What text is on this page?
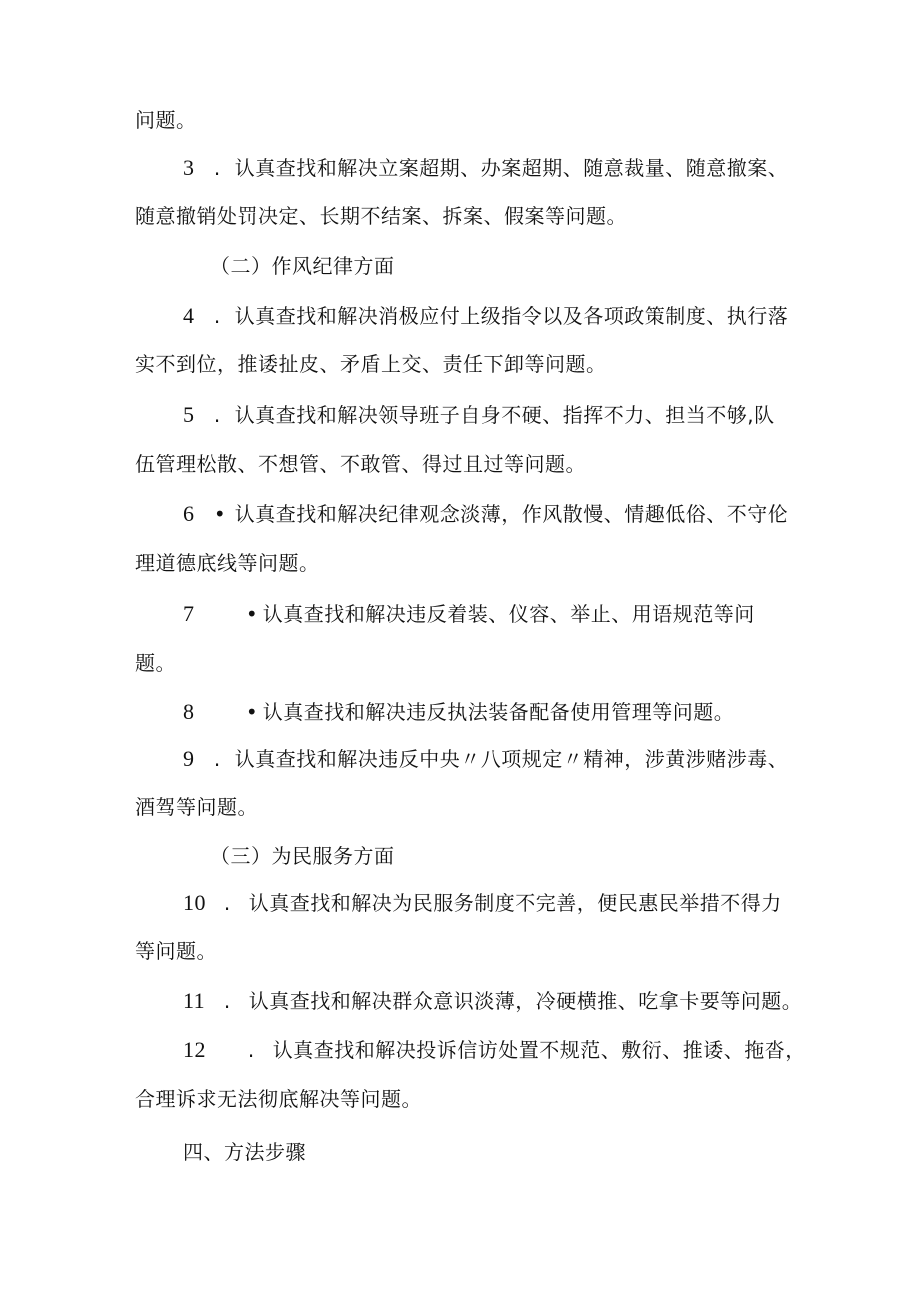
问题。
3 . 认真查找和解决立案超期、办案超期、随意裁量、随意撤案、
随意撤销处罚决定、长期不结案、拆案、假案等问题。
（二）作风纪律方面
4 . 认真查找和解决消极应付上级指令以及各项政策制度、执行落
实不到位，推诿扯皮、矛盾上交、责任下卸等问题。
5 . 认真查找和解决领导班子自身不硬、指挥不力、担当不够,队
伍管理松散、不想管、不敢管、得过且过等问题。
6 • 认真查找和解决纪律观念淡薄，作风散慢、情趣低俗、不守伦
理道德底线等问题。
7	• 认真查找和解决违反着装、仪容、举止、用语规范等问
题。
8	• 认真查找和解决违反执法装备配备使用管理等问题。
9 . 认真查找和解决违反中央〃八项规定〃精神，涉黄涉赌涉毒、
酒驾等问题。
（三）为民服务方面
10 . 认真查找和解决为民服务制度不完善，便民惠民举措不得力
等问题。
11 . 认真查找和解决群众意识淡薄，冷硬横推、吃拿卡要等问题。
12 . 认真查找和解决投诉信访处置不规范、敷衍、推诿、拖沓，
合理诉求无法彻底解决等问题。
四、方法步骤
